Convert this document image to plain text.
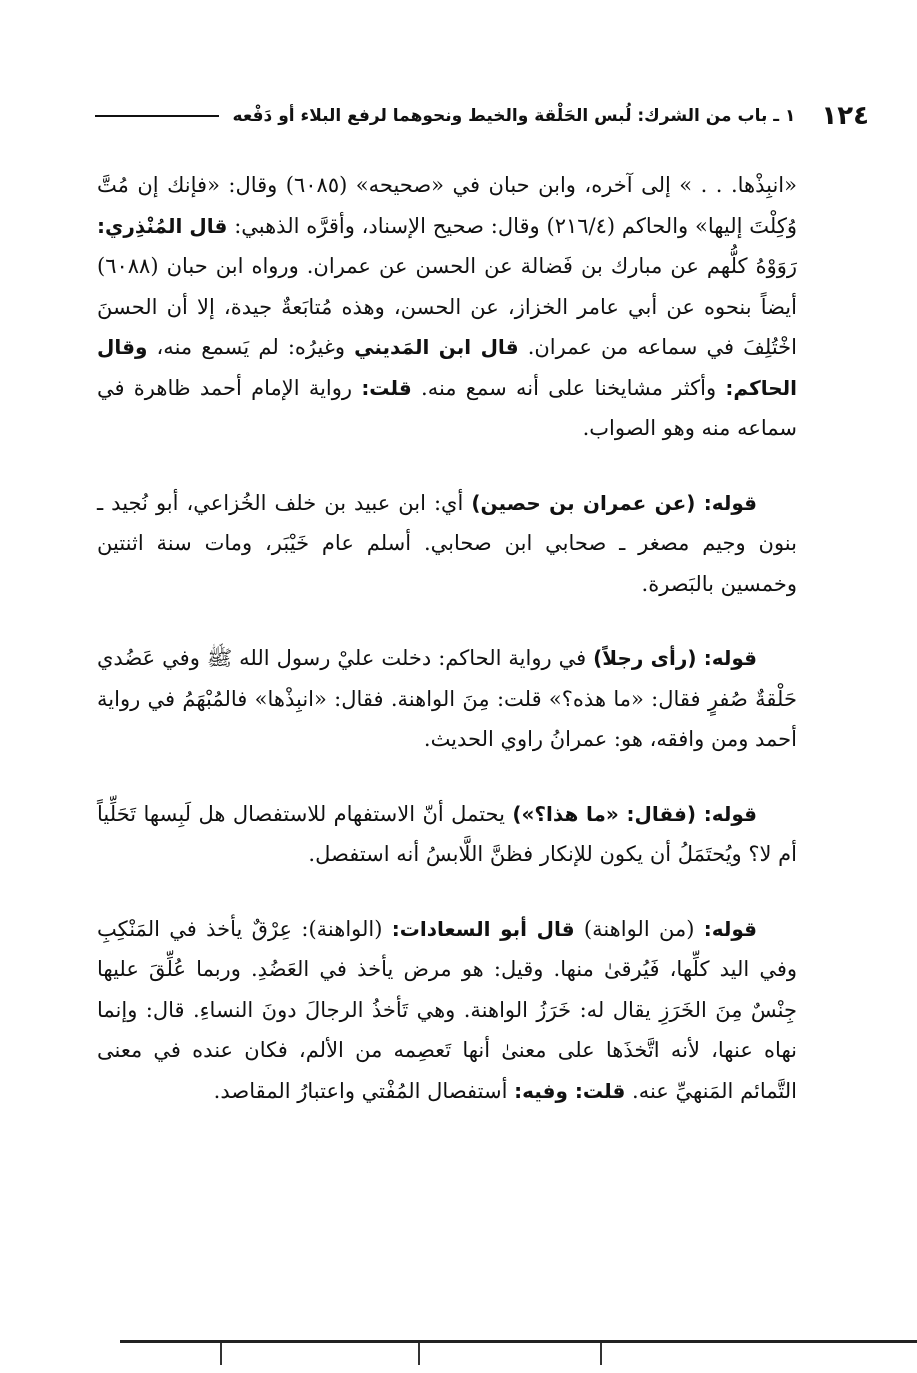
١٢٤
١ ـ باب من الشرك: لُبس الحَلْقة والخيط ونحوهما لرفع البلاء أو دَفْعه

«انبِذْها. . . » إلى آخره، وابن حبان في «صحيحه» (٦٠٨٥) وقال: «فإنك إن مُتَّ وُكِلْتَ إليها» والحاكم (٢١٦/٤) وقال: صحيح الإسناد، وأقرَّه الذهبي: قال المُنْذِري: رَوَوْهُ كلُّهم عن مبارك بن فَضالة عن الحسن عن عمران. ورواه ابن حبان (٦٠٨٨) أيضاً بنحوه عن أبي عامر الخزاز، عن الحسن، وهذه مُتابَعةٌ جيدة، إلا أن الحسنَ اخْتُلِفَ في سماعه من عمران. قال ابن المَديني وغيرُه: لم يَسمع منه، وقال الحاكم: وأكثر مشايخنا على أنه سمع منه. قلت: رواية الإمام أحمد ظاهرة في سماعه منه وهو الصواب.

قوله: (عن عمران بن حصين) أي: ابن عبيد بن خلف الخُزاعي، أبو نُجيد ـ بنون وجيم مصغر ـ صحابي ابن صحابي. أسلم عام خَيْبَر، ومات سنة اثنتين وخمسين بالبَصرة.

قوله: (رأى رجلاً) في رواية الحاكم: دخلت عليْ رسول الله ﷺ وفي عَضُدي حَلْقةٌ صُفرٍ فقال: «ما هذه؟» قلت: مِنَ الواهنة. فقال: «انبِذْها» فالمُبْهَمُ في رواية أحمد ومن وافقه، هو: عمرانُ راوي الحديث.

قوله: (فقال: «ما هذا؟») يحتمل أنّ الاستفهام للاستفصال هل لَبِسها تَحَلِّياً أم لا؟ ويُحتَمَلُ أن يكون للإنكار فظنَّ اللَّابسُ أنه استفصل.

قوله: (من الواهنة) قال أبو السعادات: (الواهنة): عِرْقٌ يأخذ في المَنْكِبِ وفي اليد كلِّها، فَيُرقىٰ منها. وقيل: هو مرض يأخذ في العَضُدِ. وربما عُلِّقَ عليها جِنْسٌ مِنَ الخَرَزِ يقال له: خَرَزُ الواهنة. وهي تَأخذُ الرجالَ دونَ النساءِ. قال: وإنما نهاه عنها، لأنه اتَّخذَها على معنىٰ أنها تَعصِمه من الألم، فكان عنده في معنى التَّمائم المَنهيِّ عنه. قلت: وفيه: أستفصال المُفْتي واعتبارُ المقاصد.
